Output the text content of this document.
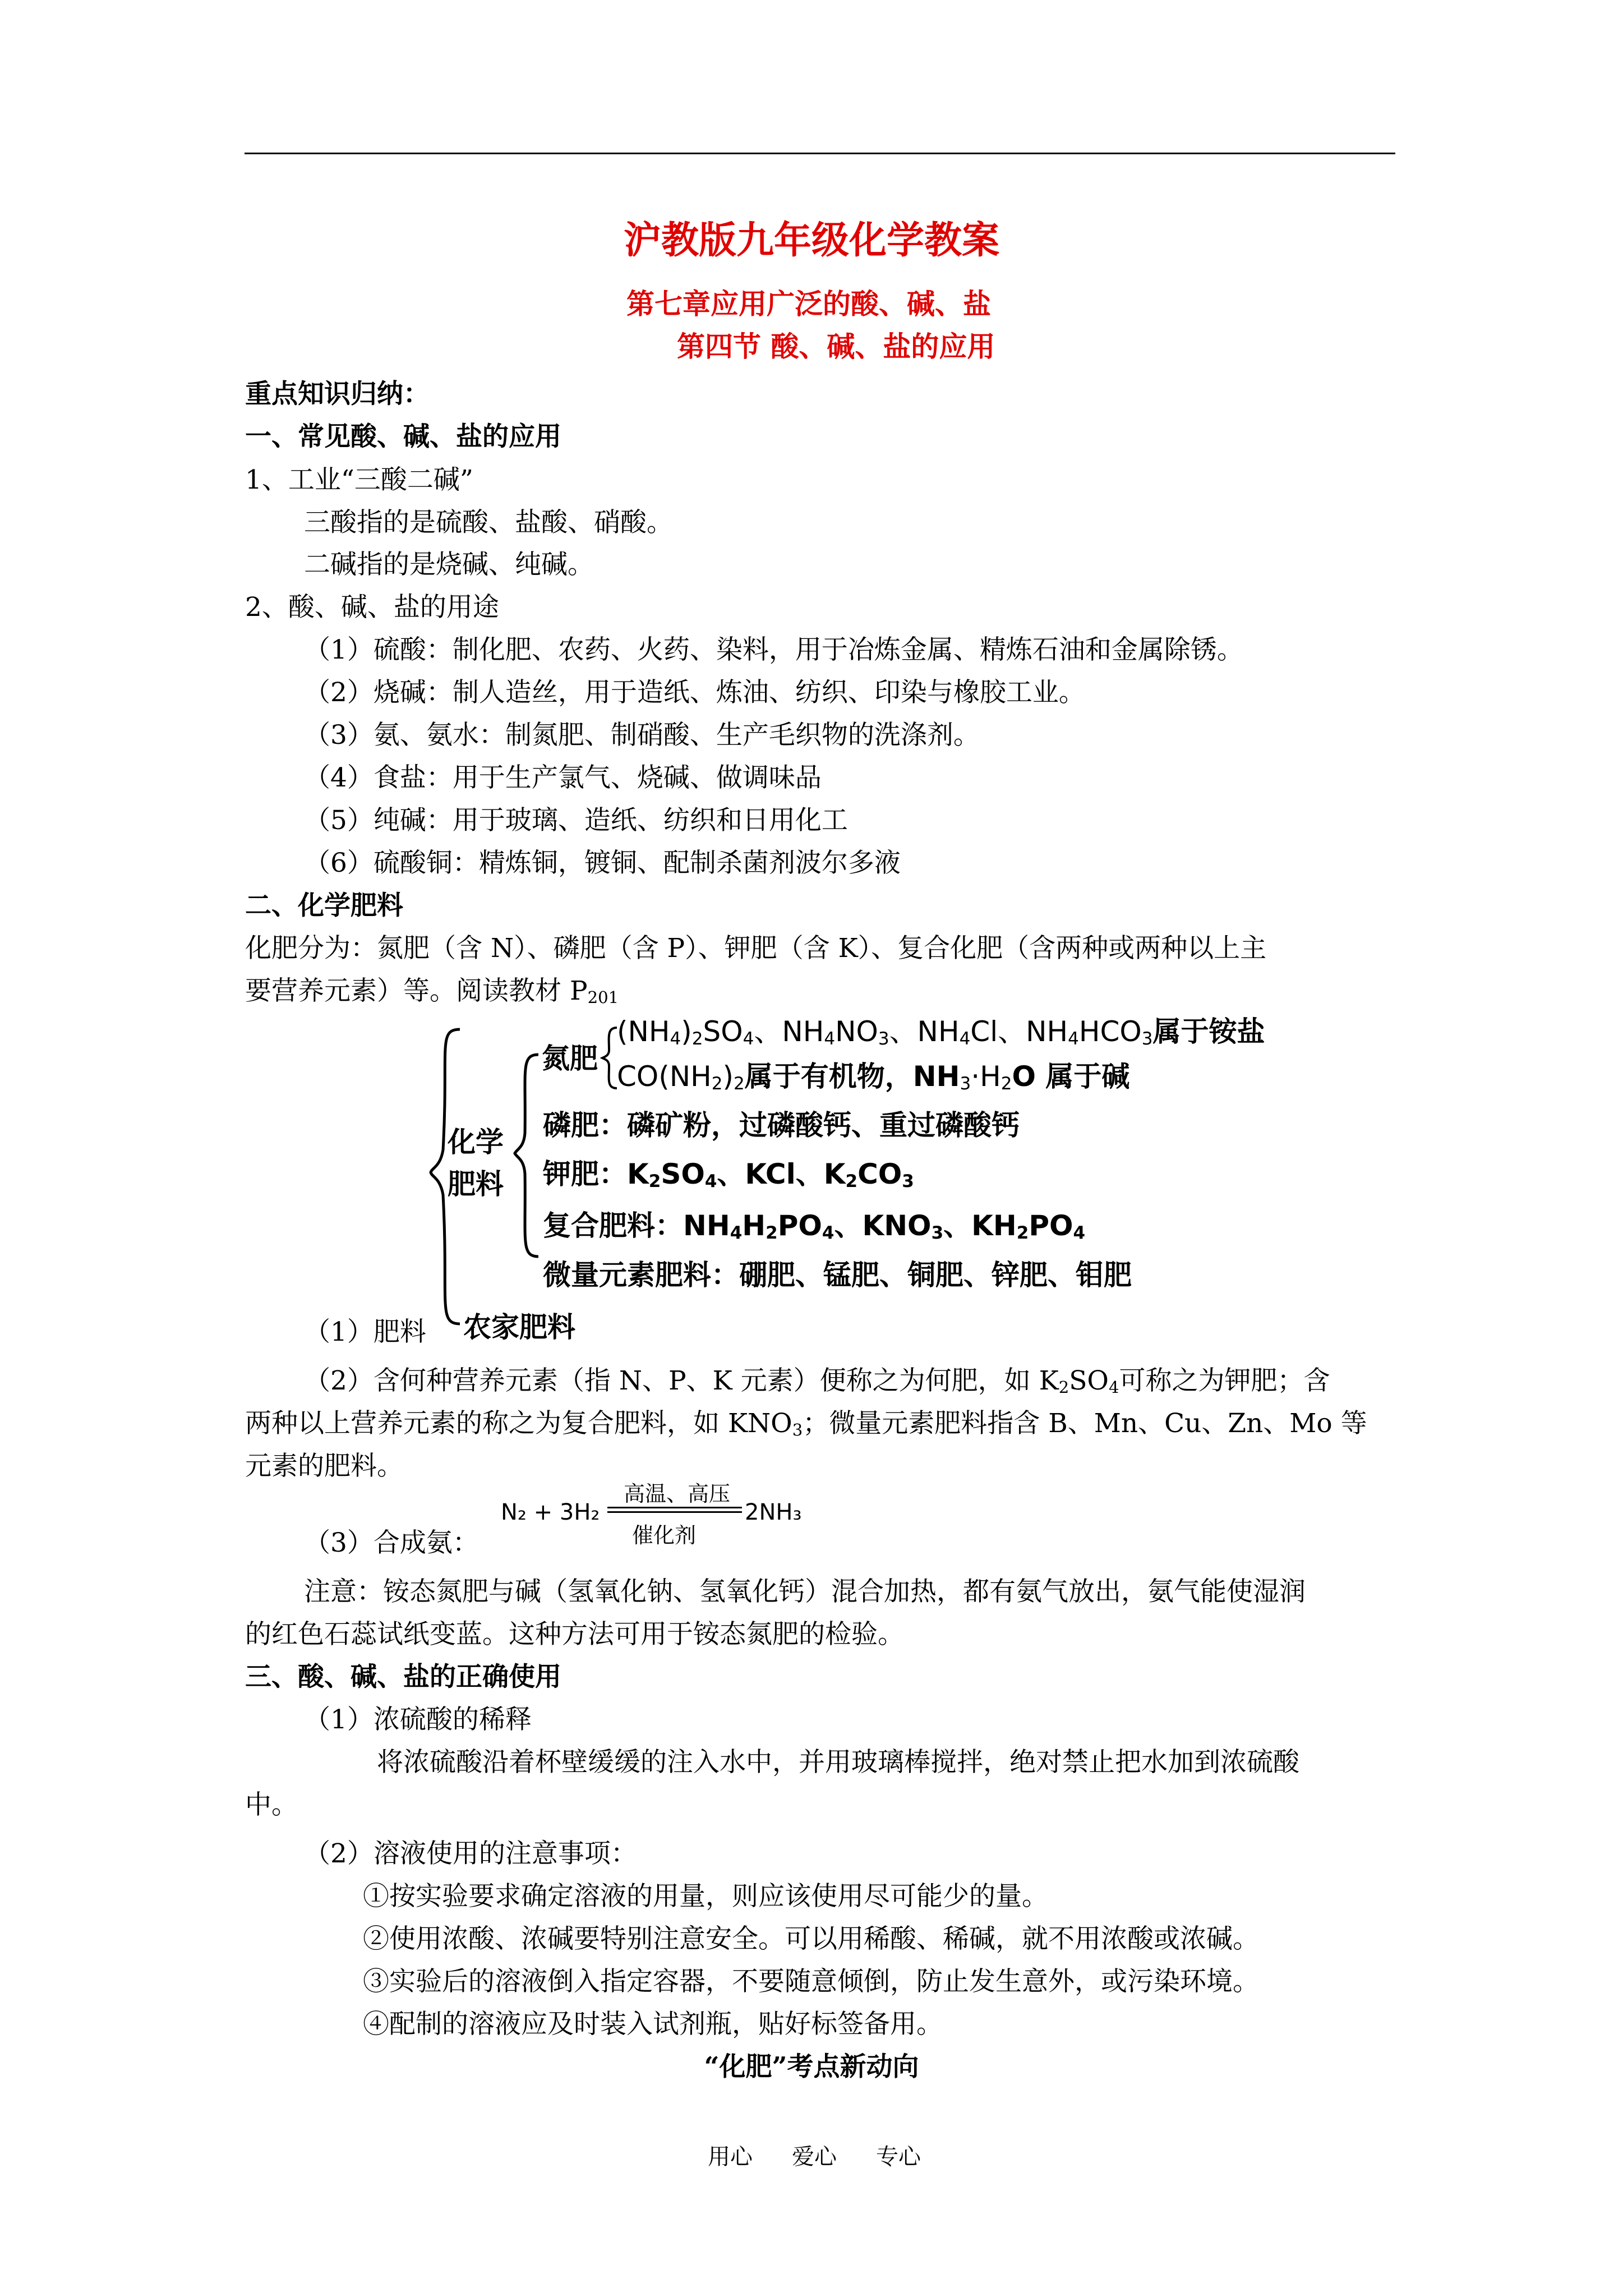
沪教版九年级化学教案
第七章应用广泛的酸、碱、盐
第四节 酸、碱、盐的应用
重点知识归纳：
一、常见酸、碱、盐的应用
1、工业“三酸二碱”
三酸指的是硫酸、盐酸、硝酸。
二碱指的是烧碱、纯碱。
2、酸、碱、盐的用途
（1）硫酸：制化肥、农药、火药、染料，用于冶炼金属、精炼石油和金属除锈。
（2）烧碱：制人造丝，用于造纸、炼油、纺织、印染与橡胶工业。
（3）氨、氨水：制氮肥、制硝酸、生产毛织物的洗涤剂。
（4）食盐：用于生产氯气、烧碱、做调味品
（5）纯碱：用于玻璃、造纸、纺织和日用化工
（6）硫酸铜：精炼铜，镀铜、配制杀菌剂波尔多液
二、化学肥料
化肥分为：氮肥（含 N）、磷肥（含 P）、钾肥（含 K）、复合化肥（含两种或两种以上主
要营养元素）等。阅读教材 $P_{201}$
化学
肥料
氮肥
$(NH_4)_2SO_4$、$NH_4NO_3$、$NH_4Cl$、$NH_4HCO_3$属于铵盐
$CO(NH_2)_2$属于有机物，$NH_3\cdot H_2O$ 属于碱
磷肥：磷矿粉，过磷酸钙、重过磷酸钙
钾肥：$K_2SO_4$、KCl、$K_2CO_3$
复合肥料：$NH_4H_2PO_4$、$KNO_3$、$KH_2PO_4$
微量元素肥料：硼肥、锰肥、铜肥、锌肥、钼肥
农家肥料
（1）肥料
（2）含何种营养元素（指 N、P、K 元素）便称之为何肥，如 $K_2SO_4$可称之为钾肥；含
两种以上营养元素的称之为复合肥料，如 $KNO_3$；微量元素肥料指含 B、Mn、Cu、Zn、Mo 等
元素的肥料。
（3）合成氨：
N₂ + 3H₂
高温、高压
催化剂
2NH₃
注意：铵态氮肥与碱（氢氧化钠、氢氧化钙）混合加热，都有氨气放出，氨气能使湿润
的红色石蕊试纸变蓝。这种方法可用于铵态氮肥的检验。
三、酸、碱、盐的正确使用
（1）浓硫酸的稀释
将浓硫酸沿着杯壁缓缓的注入水中，并用玻璃棒搅拌，绝对禁止把水加到浓硫酸
中。
（2）溶液使用的注意事项：
①按实验要求确定溶液的用量，则应该使用尽可能少的量。
②使用浓酸、浓碱要特别注意安全。可以用稀酸、稀碱，就不用浓酸或浓碱。
③实验后的溶液倒入指定容器，不要随意倾倒，防止发生意外，或污染环境。
④配制的溶液应及时装入试剂瓶，贴好标签备用。
“化肥”考点新动向
用心 爱心 专心
